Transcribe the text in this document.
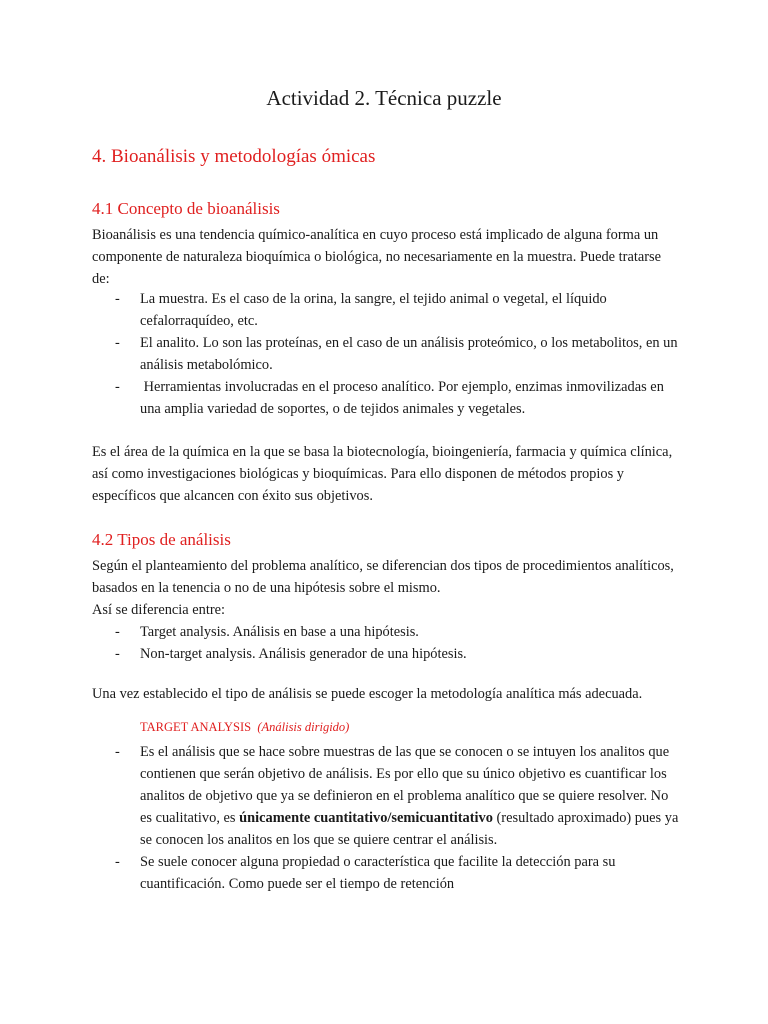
Actividad 2. Técnica puzzle
4. Bioanálisis y metodologías ómicas
4.1 Concepto de bioanálisis

Bioanálisis es una tendencia químico-analítica en cuyo proceso está implicado de alguna forma un componente de naturaleza bioquímica o biológica, no necesariamente en la muestra. Puede tratarse de:

- La muestra. Es el caso de la orina, la sangre, el tejido animal o vegetal, el líquido cefalorraquídeo, etc.
- El analito. Lo son las proteínas, en el caso de un análisis proteómico, o los metabolitos, en un análisis metabolómico.
- Herramientas involucradas en el proceso analítico. Por ejemplo, enzimas inmovilizadas en una amplia variedad de soportes, o de tejidos animales y vegetales.

Es el área de la química en la que se basa la biotecnología, bioingeniería, farmacia y química clínica, así como investigaciones biológicas y bioquímicas. Para ello disponen de métodos propios y específicos que alcancen con éxito sus objetivos.

4.2 Tipos de análisis

Según el planteamiento del problema analítico, se diferencian dos tipos de procedimientos analíticos, basados en la tenencia o no de una hipótesis sobre el mismo.

Así se diferencia entre:

- Target analysis. Análisis en base a una hipótesis.
- Non-target analysis. Análisis generador de una hipótesis.

Una vez establecido el tipo de análisis se puede escoger la metodología analítica más adecuada.

TARGET ANALYSIS (Análisis dirigido)

- Es el análisis que se hace sobre muestras de las que se conocen o se intuyen los analitos que contienen que serán objetivo de análisis. Es por ello que su único objetivo es cuantificar los analitos de objetivo que ya se definieron en el problema analítico que se quiere resolver. No es cualitativo, es únicamente cuantitativo/semicuantitativo (resultado aproximado) pues ya se conocen los analitos en los que se quiere centrar el análisis.
- Se suele conocer alguna propiedad o característica que facilite la detección para su cuantificación. Como puede ser el tiempo de retención
